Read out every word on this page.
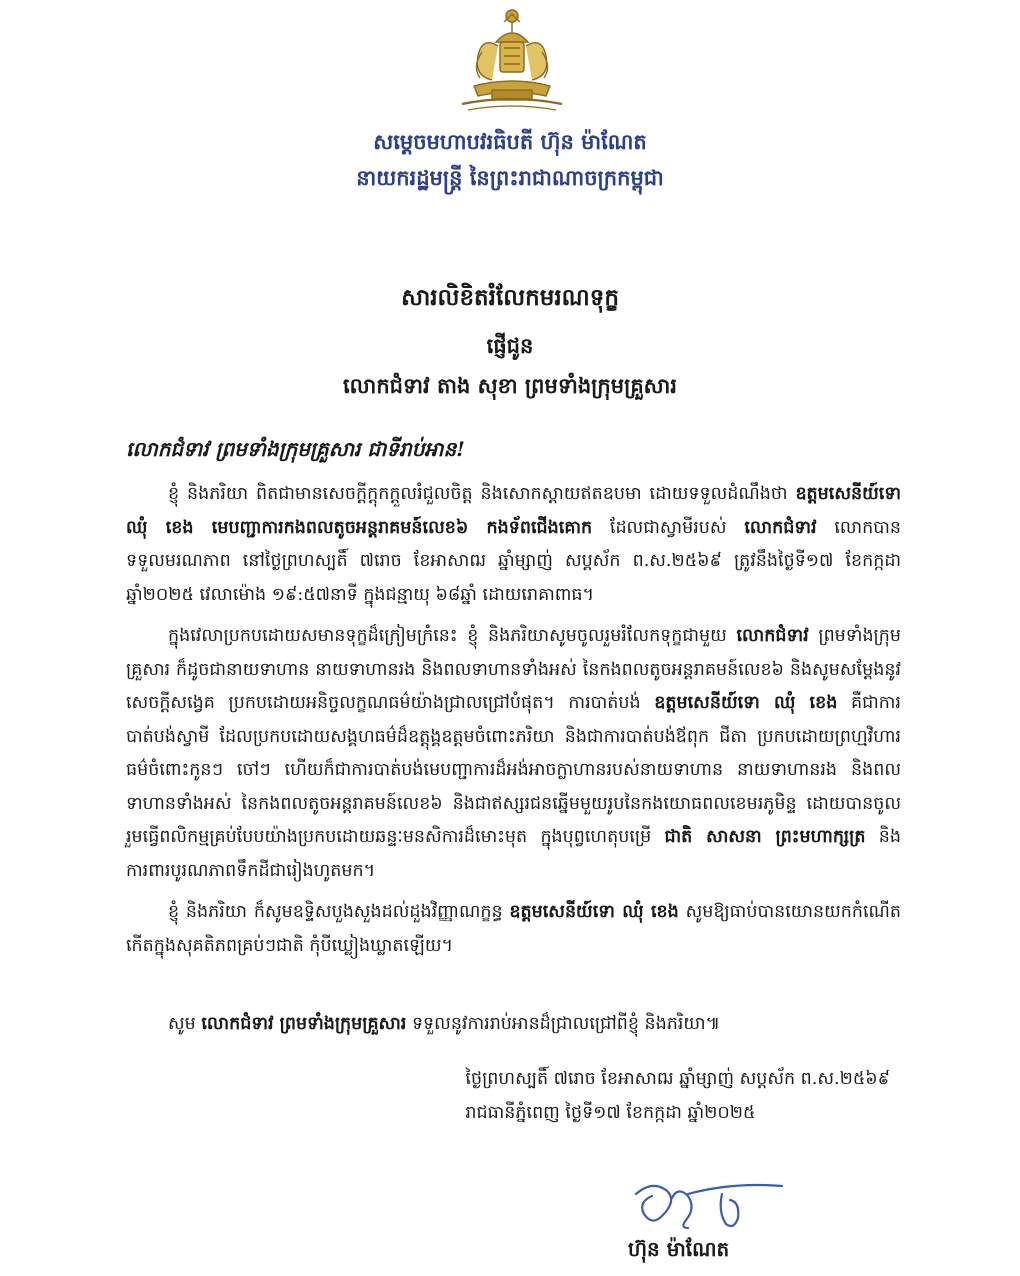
សម្តេចមហាបវរធិបតី ហ៊ុន ម៉ាណែត
នាយករដ្ឋមន្ត្រី នៃព្រះរាជាណាចក្រកម្ពុជា
សារលិខិតរំលែកមរណទុក្ខ
ផ្ញើជូន
លោកជំទាវ តាង សុខា ព្រមទាំងក្រុមគ្រួសារ
លោកជំទាវ ព្រមទាំងក្រុមគ្រួសារ ជាទីរាប់អាន!

ខ្ញុំ និងភរិយា ពិតជាមានសេចក្តីក្តុកក្តួលរំជួលចិត្ត និងសោកស្តាយឥតឧបមា ដោយទទួលដំណឹងថា ឧត្តមសេនីយ៍ទោ ឈុំ ខេង មេបញ្ជាការកងពលតូចអន្តរាគមន៍លេខ៦ កងទ័ពជើងគោក ដែលជាស្វាមីរបស់ លោកជំទាវ លោកបានទទួលមរណភាព នៅថ្ងៃព្រហស្បតិ៍ ៧រោច ខែអាសាឍ ឆ្នាំម្សាញ់ សប្តស័ក ព.ស.២៥៦៩ ត្រូវនឹងថ្ងៃទី១៧ ខែកក្កដា ឆ្នាំ២០២៥ វេលាម៉ោង ១៩:៥៧នាទី ក្នុងជន្មាយុ ៦៨ឆ្នាំ ដោយរោគាពាធ។

ក្នុងវេលាប្រកបដោយសមានទុក្ខដ៏ក្រៀមក្រំនេះ ខ្ញុំ និងភរិយាសូមចូលរួមរំលែកទុក្ខជាមួយ លោកជំទាវ ព្រមទាំងក្រុមគ្រួសារ ក៏ដូចជានាយទាហាន នាយទាហានរង និងពលទាហានទាំងអស់ នៃកងពលតូចអន្តរាគមន៍លេខ៦ និងសូមសម្តែងនូវសេចក្តីសង្វេគ ប្រកបដោយអនិច្ចលក្ខណធម៌យ៉ាងជ្រាលជ្រៅបំផុត។ ការបាត់បង់ ឧត្តមសេនីយ៍ទោ ឈុំ ខេង គឺជាការបាត់បង់ស្វាមី ដែលប្រកបដោយសង្គហធម៌ដ៏ឧត្តុង្គឧត្តមចំពោះភរិយា និងជាការបាត់បង់ឪពុក ជីតា ប្រកបដោយព្រហ្មវិហារធម៌ចំពោះកូនៗ ចៅៗ ហើយក៏ជាការបាត់បង់មេបញ្ជាការដ៏អង់អាចក្លាហានរបស់នាយទាហាន នាយទាហានរង និងពលទាហានទាំងអស់ នៃកងពលតូចអន្តរាគមន៍លេខ៦ និងជាឥស្សរជនឆ្នើមមួយរូបនៃកងយោធពលខេមរភូមិន្ទ ដោយបានចូលរួមធ្វើពលិកម្មគ្រប់បែបយ៉ាងប្រកបដោយឆន្ទៈមនសិការដ៏មោះមុត ក្នុងបុព្វហេតុបម្រើ ជាតិ សាសនា ព្រះមហាក្សត្រ និងការពារបូរណភាពទឹកដីជារៀងហូតមក។

ខ្ញុំ និងភរិយា ក៏សូមឧទ្ទិសបួងសួងដល់ដួងវិញ្ញាណក្ខន្ធ ឧត្តមសេនីយ៍ទោ ឈុំ ខេង សូមឱ្យធាប់បានយោនយកកំណើតកើតក្នុងសុគតិភពគ្រប់ៗជាតិ កុំបីឃ្លៀងឃ្លាតឡើយ។

សូម លោកជំទាវ ព្រមទាំងក្រុមគ្រួសារ ទទួលនូវការរាប់អានដ៏ជ្រាលជ្រៅពីខ្ញុំ និងភរិយា៕
ថ្ងៃព្រហស្បតិ៍ ៧រោច ខែអាសាឍ ឆ្នាំម្សាញ់ សប្តស័ក ព.ស.២៥៦៩
រាជធានីភ្នំពេញ ថ្ងៃទី១៧ ខែកក្កដា ឆ្នាំ២០២៥
ហ៊ុន ម៉ាណែត
